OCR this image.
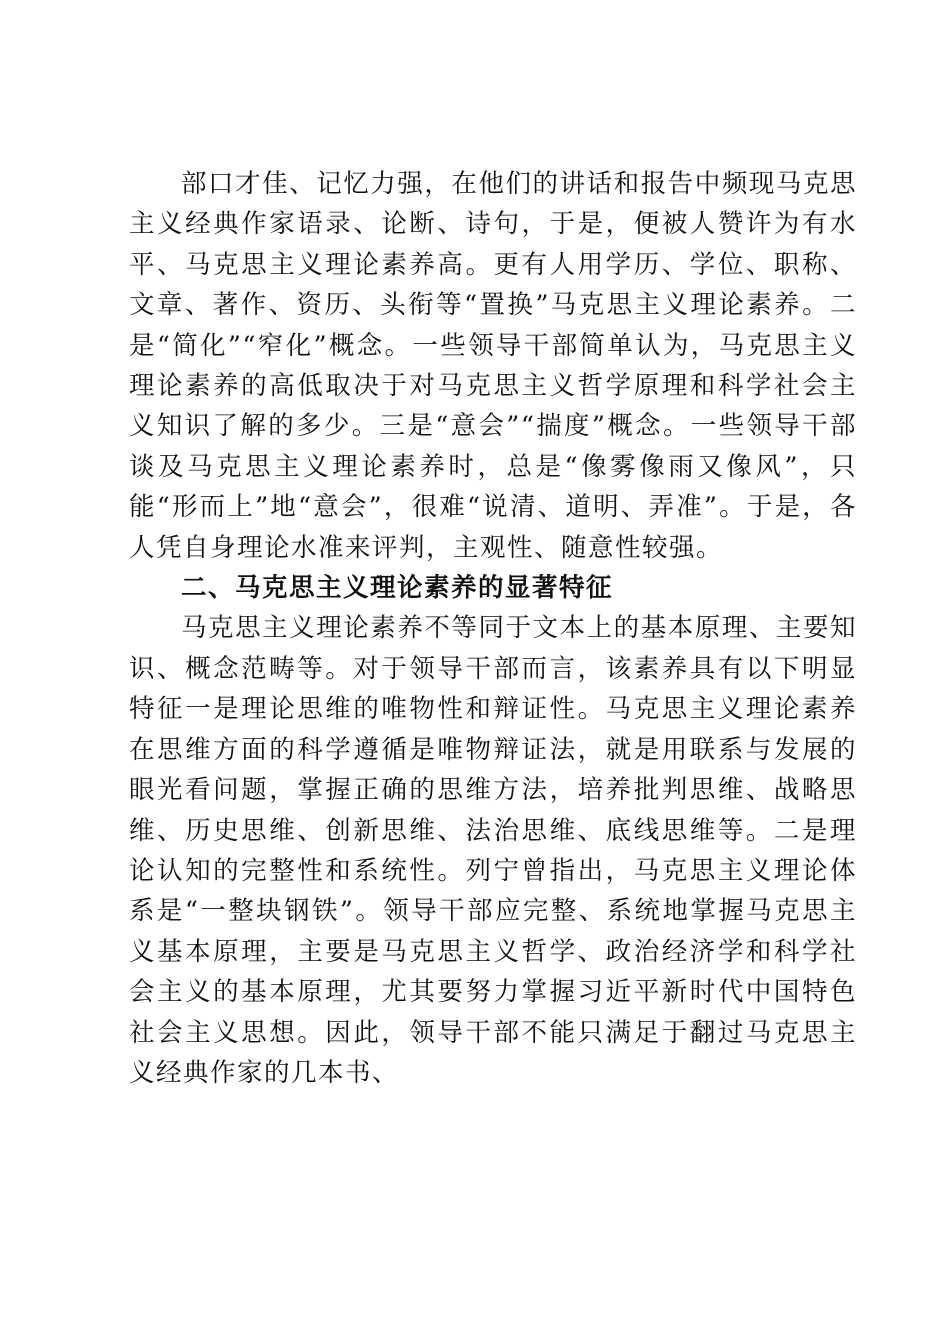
部口才佳、记忆力强，在他们的讲话和报告中频现马克思主义经典作家语录、论断、诗句，于是，便被人赞许为有水平、马克思主义理论素养高。更有人用学历、学位、职称、文章、著作、资历、头衔等“置换”马克思主义理论素养。二是“简化”“窄化”概念。一些领导干部简单认为，马克思主义理论素养的高低取决于对马克思主义哲学原理和科学社会主义知识了解的多少。三是“意会”“揣度”概念。一些领导干部谈及马克思主义理论素养时，总是“像雾像雨又像风”，只能“形而上”地“意会”，很难“说清、道明、弄准”。于是，各人凭自身理论水准来评判，主观性、随意性较强。

二、马克思主义理论素养的显著特征

马克思主义理论素养不等同于文本上的基本原理、主要知识、概念范畴等。对于领导干部而言，该素养具有以下明显特征一是理论思维的唯物性和辩证性。马克思主义理论素养在思维方面的科学遵循是唯物辩证法，就是用联系与发展的眼光看问题，掌握正确的思维方法，培养批判思维、战略思维、历史思维、创新思维、法治思维、底线思维等。二是理论认知的完整性和系统性。列宁曾指出，马克思主义理论体系是“一整块钢铁”。领导干部应完整、系统地掌握马克思主义基本原理，主要是马克思主义哲学、政治经济学和科学社会主义的基本原理，尤其要努力掌握习近平新时代中国特色社会主义思想。因此，领导干部不能只满足于翻过马克思主义经典作家的几本书、
